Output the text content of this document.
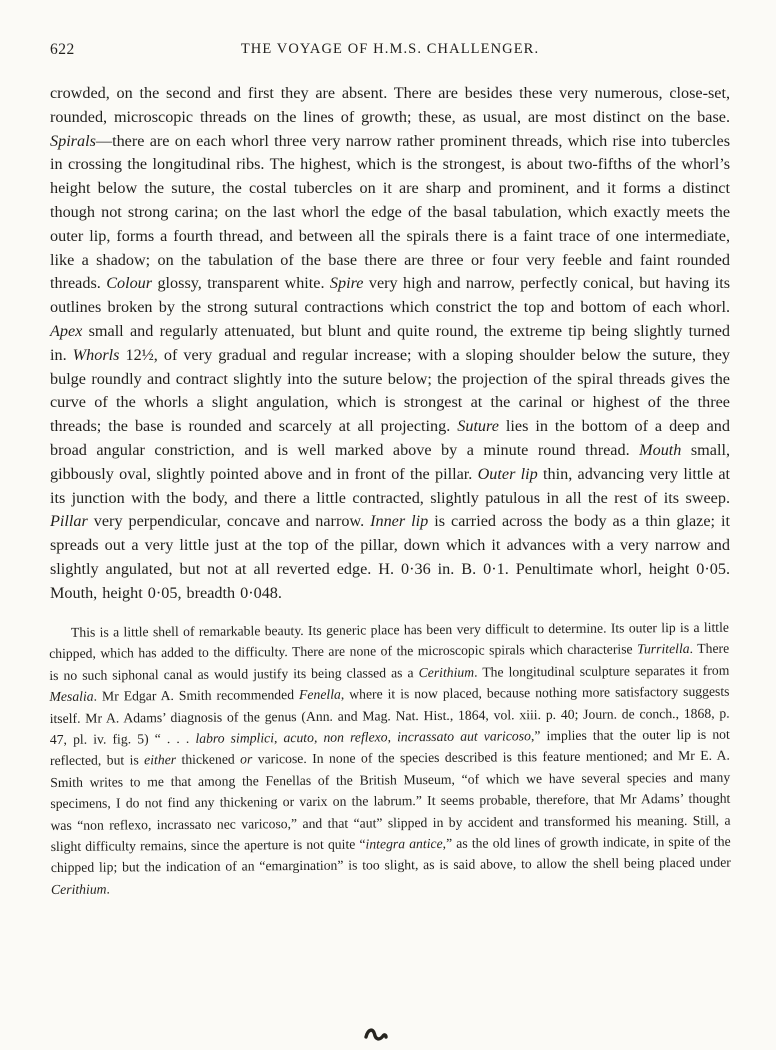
622	THE VOYAGE OF H.M.S. CHALLENGER.

crowded, on the second and first they are absent. There are besides these very numerous, close-set, rounded, microscopic threads on the lines of growth; these, as usual, are most distinct on the base. Spirals—there are on each whorl three very narrow rather prominent threads, which rise into tubercles in crossing the longitudinal ribs. The highest, which is the strongest, is about two-fifths of the whorl’s height below the suture, the costal tubercles on it are sharp and prominent, and it forms a distinct though not strong carina; on the last whorl the edge of the basal tabulation, which exactly meets the outer lip, forms a fourth thread, and between all the spirals there is a faint trace of one intermediate, like a shadow; on the tabulation of the base there are three or four very feeble and faint rounded threads. Colour glossy, transparent white. Spire very high and narrow, perfectly conical, but having its outlines broken by the strong sutural contractions which constrict the top and bottom of each whorl. Apex small and regularly attenuated, but blunt and quite round, the extreme tip being slightly turned in. Whorls 12½, of very gradual and regular increase; with a sloping shoulder below the suture, they bulge roundly and contract slightly into the suture below; the projection of the spiral threads gives the curve of the whorls a slight angulation, which is strongest at the carinal or highest of the three threads; the base is rounded and scarcely at all projecting. Suture lies in the bottom of a deep and broad angular constriction, and is well marked above by a minute round thread. Mouth small, gibbously oval, slightly pointed above and in front of the pillar. Outer lip thin, advancing very little at its junction with the body, and there a little contracted, slightly patulous in all the rest of its sweep. Pillar very perpendicular, concave and narrow. Inner lip is carried across the body as a thin glaze; it spreads out a very little just at the top of the pillar, down which it advances with a very narrow and slightly angulated, but not at all reverted edge. H. 0·36 in. B. 0·1. Penultimate whorl, height 0·05. Mouth, height 0·05, breadth 0·048.

This is a little shell of remarkable beauty. Its generic place has been very difficult to determine. Its outer lip is a little chipped, which has added to the difficulty. There are none of the microscopic spirals which characterise Turritella. There is no such siphonal canal as would justify its being classed as a Cerithium. The longitudinal sculpture separates it from Mesalia. Mr Edgar A. Smith recommended Fenella, where it is now placed, because nothing more satisfactory suggests itself. Mr A. Adams’ diagnosis of the genus (Ann. and Mag. Nat. Hist., 1864, vol. xiii. p. 40; Journ. de conch., 1868, p. 47, pl. iv. fig. 5) “ . . . labro simplici, acuto, non reflexo, incrassato aut varicoso,” implies that the outer lip is not reflected, but is either thickened or varicose. In none of the species described is this feature mentioned; and Mr E. A. Smith writes to me that among the Fenellas of the British Museum, “of which we have several species and many specimens, I do not find any thickening or varix on the labrum.” It seems probable, therefore, that Mr Adams’ thought was “non reflexo, incrassato nec varicoso,” and that “aut” slipped in by accident and transformed his meaning. Still, a slight difficulty remains, since the aperture is not quite “integra antice,” as the old lines of growth indicate, in spite of the chipped lip; but the indication of an “emargination” is too slight, as is said above, to allow the shell being placed under Cerithium.
